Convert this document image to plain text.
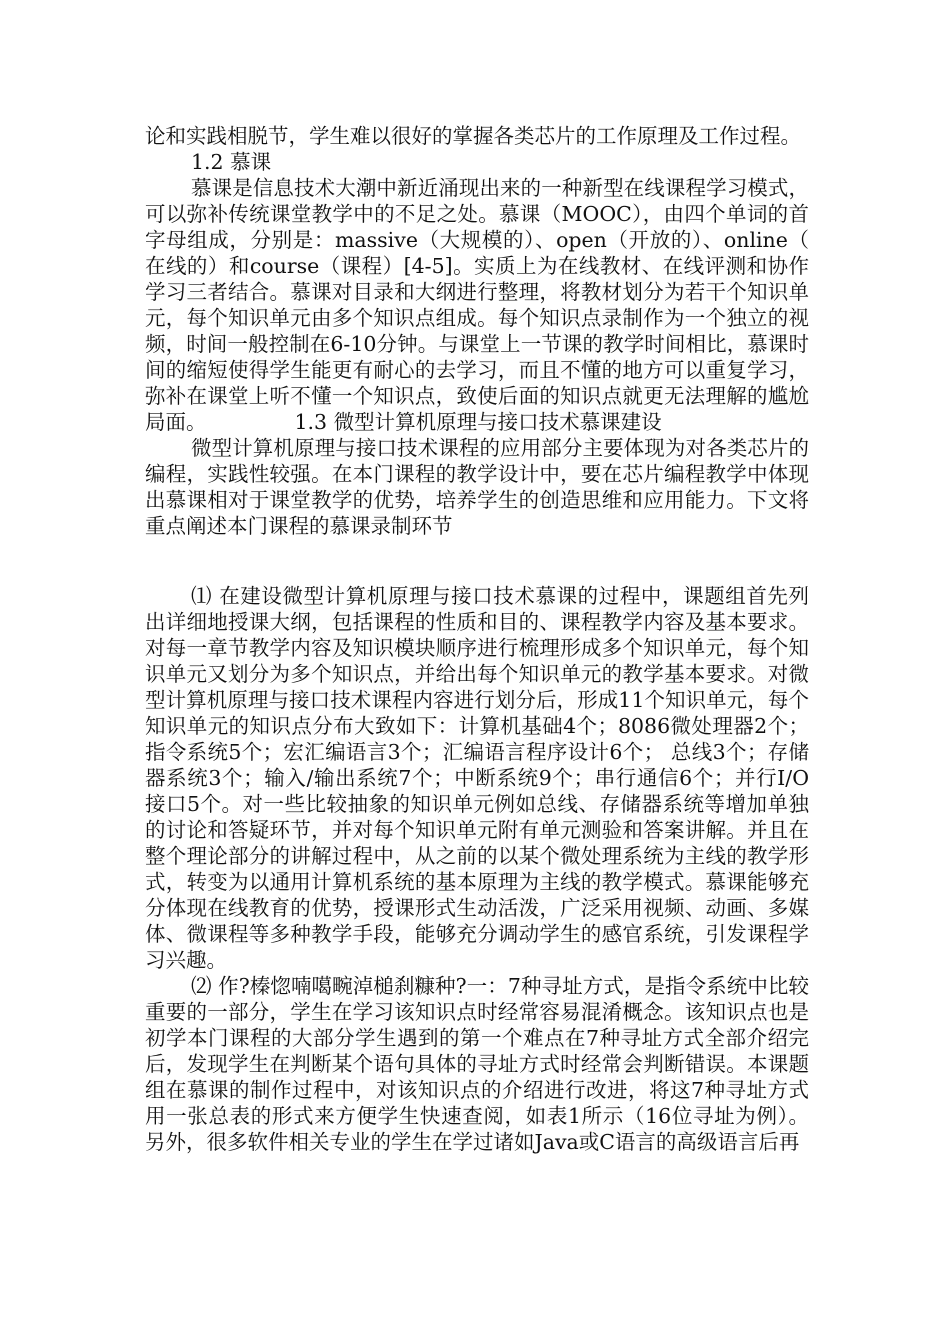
论和实践相脱节，学生难以很好的掌握各类芯片的工作原理及工作过程。

1.2 慕课

慕课是信息技术大潮中新近涌现出来的一种新型在线课程学习模式，可以弥补传统课堂教学中的不足之处。慕课（MOOC），由四个单词的首字母组成，分别是：massive（大规模的）、open（开放的）、online（在线的）和course（课程）[4-5]。实质上为在线教材、在线评测和协作学习三者结合。慕课对目录和大纲进行整理，将教材划分为若干个知识单元，每个知识单元由多个知识点组成。每个知识点录制作为一个独立的视频，时间一般控制在6-10分钟。与课堂上一节课的教学时间相比，慕课时间的缩短使得学生能更有耐心的去学习，而且不懂的地方可以重复学习，弥补在课堂上听不懂一个知识点，致使后面的知识点就更无法理解的尴尬局面。	1.3 微型计算机原理与接口技术慕课建设

微型计算机原理与接口技术课程的应用部分主要体现为对各类芯片的编程，实践性较强。在本门课程的教学设计中，要在芯片编程教学中体现出慕课相对于课堂教学的优势，培养学生的创造思维和应用能力。下文将重点阐述本门课程的慕课录制环节

⑴ 在建设微型计算机原理与接口技术慕课的过程中，课题组首先列出详细地授课大纲，包括课程的性质和目的、课程教学内容及基本要求。对每一章节教学内容及知识模块顺序进行梳理形成多个知识单元，每个知识单元又划分为多个知识点，并给出每个知识单元的教学基本要求。对微型计算机原理与接口技术课程内容进行划分后，形成11个知识单元，每个知识单元的知识点分布大致如下：计算机基础4个；8086微处理器2个；指令系统5个；宏汇编语言3个；汇编语言程序设计6个； 总线3个；存储器系统3个；输入/输出系统7个；中断系统9个；串行通信6个；并行I/O接口5个。对一些比较抽象的知识单元例如总线、存储器系统等增加单独的讨论和答疑环节，并对每个知识单元附有单元测验和答案讲解。并且在整个理论部分的讲解过程中，从之前的以某个微处理系统为主线的教学形式，转变为以通用计算机系统的基本原理为主线的教学模式。慕课能够充分体现在线教育的优势，授课形式生动活泼，广泛采用视频、动画、多媒体、微课程等多种教学手段，能够充分调动学生的感官系统，引发课程学习兴趣。

⑵ 作?榛惚喃噶畹淖槌刹糠种?一：7种寻址方式，是指令系统中比较重要的一部分，学生在学习该知识点时经常容易混淆概念。该知识点也是初学本门课程的大部分学生遇到的第一个难点在7种寻址方式全部介绍完后，发现学生在判断某个语句具体的寻址方式时经常会判断错误。本课题组在慕课的制作过程中，对该知识点的介绍进行改进，将这7种寻址方式用一张总表的形式来方便学生快速查阅，如表1所示（16位寻址为例）。另外，很多软件相关专业的学生在学过诸如Java或C语言的高级语言后再
